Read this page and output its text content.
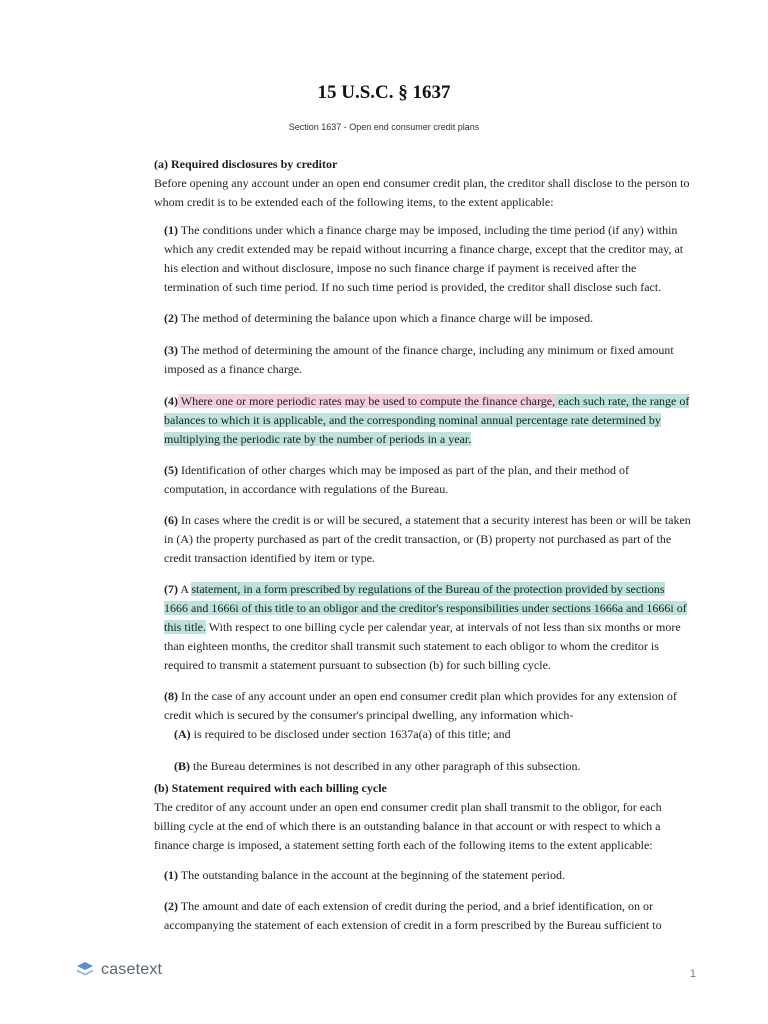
15 U.S.C. § 1637
Section 1637 - Open end consumer credit plans

(a) Required disclosures by creditor

Before opening any account under an open end consumer credit plan, the creditor shall disclose to the person to
whom credit is to be extended each of the following items, to the extent applicable:

(1) The conditions under which a finance charge may be imposed, including the time period (if any) within
which any credit extended may be repaid without incurring a finance charge, except that the creditor may, at
his election and without disclosure, impose no such finance charge if payment is received after the
termination of such time period. If no such time period is provided, the creditor shall disclose such fact.

(2) The method of determining the balance upon which a finance charge will be imposed.

(3) The method of determining the amount of the finance charge, including any minimum or fixed amount
imposed as a finance charge.

(4) Where one or more periodic rates may be used to compute the finance charge, each such rate, the range of
balances to which it is applicable, and the corresponding nominal annual percentage rate determined by
multiplying the periodic rate by the number of periods in a year.

(5) Identification of other charges which may be imposed as part of the plan, and their method of
computation, in accordance with regulations of the Bureau.

(6) In cases where the credit is or will be secured, a statement that a security interest has been or will be taken
in (A) the property purchased as part of the credit transaction, or (B) property not purchased as part of the
credit transaction identified by item or type.

(7) A statement, in a form prescribed by regulations of the Bureau of the protection provided by sections
1666 and 1666i of this title to an obligor and the creditor's responsibilities under sections 1666a and 1666i of
this title. With respect to one billing cycle per calendar year, at intervals of not less than six months or more
than eighteen months, the creditor shall transmit such statement to each obligor to whom the creditor is
required to transmit a statement pursuant to subsection (b) for such billing cycle.

(8) In the case of any account under an open end consumer credit plan which provides for any extension of
credit which is secured by the consumer's principal dwelling, any information which-

(A) is required to be disclosed under section 1637a(a) of this title; and

(B) the Bureau determines is not described in any other paragraph of this subsection.

(b) Statement required with each billing cycle

The creditor of any account under an open end consumer credit plan shall transmit to the obligor, for each
billing cycle at the end of which there is an outstanding balance in that account or with respect to which a
finance charge is imposed, a statement setting forth each of the following items to the extent applicable:

(1) The outstanding balance in the account at the beginning of the statement period.

(2) The amount and date of each extension of credit during the period, and a brief identification, on or
accompanying the statement of each extension of credit in a form prescribed by the Bureau sufficient to

casetext	1
